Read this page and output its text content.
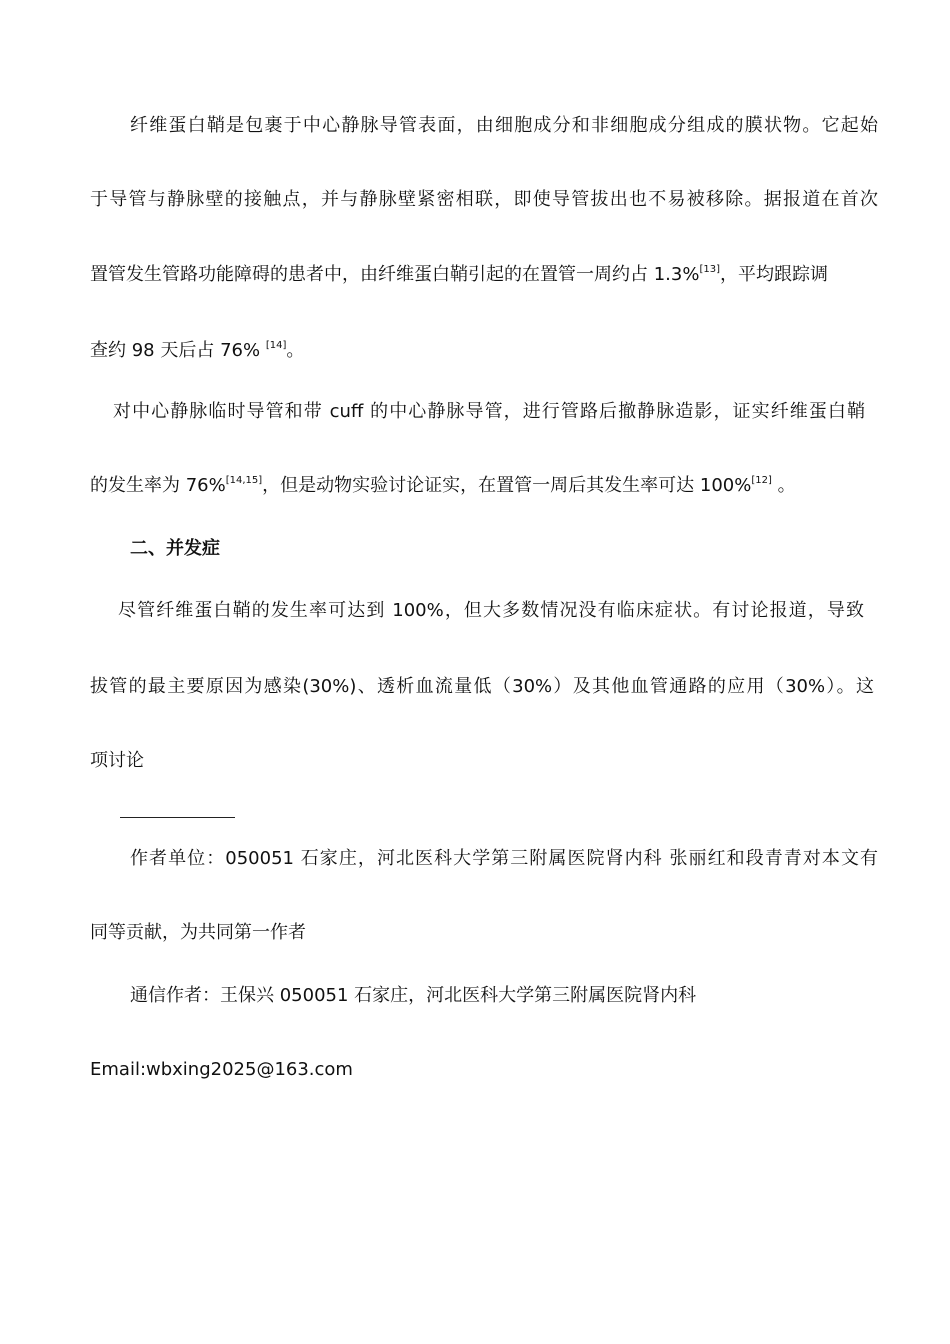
纤维蛋白鞘是包裹于中心静脉导管表面，由细胞成分和非细胞成分组成的膜状物。它起始
于导管与静脉壁的接触点，并与静脉壁紧密相联，即使导管拔出也不易被移除。据报道在首次
置管发生管路功能障碍的患者中，由纤维蛋白鞘引起的在置管一周约占 1.3%[13]，平均跟踪调
查约 98 天后占 76% [14]。
对中心静脉临时导管和带 cuff 的中心静脉导管，进行管路后撤静脉造影，证实纤维蛋白鞘
的发生率为 76%[14,15]，但是动物实验讨论证实，在置管一周后其发生率可达 100%[12] 。
二、并发症
尽管纤维蛋白鞘的发生率可达到 100%，但大多数情况没有临床症状。有讨论报道，导致
拔管的最主要原因为感染(30%)、透析血流量低（30%）及其他血管通路的应用（30%）。这
项讨论
作者单位：050051 石家庄，河北医科大学第三附属医院肾内科 张丽红和段青青对本文有
同等贡献，为共同第一作者
通信作者：王保兴 050051 石家庄，河北医科大学第三附属医院肾内科
Email:wbxing2025@163.com
